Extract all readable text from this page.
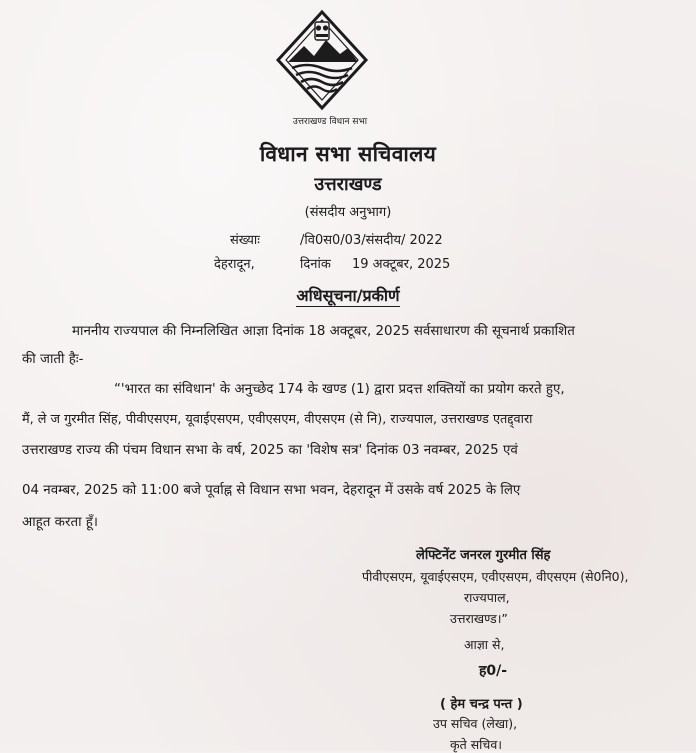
उत्तराखण्ड विधान सभा
विधान सभा सचिवालय
उत्तराखण्ड
(संसदीय अनुभाग)
संख्याः	/वि0स0/03/संसदीय/ 2022
देहरादून,	दिनांक 19 अक्टूबर, 2025
अधिसूचना/प्रकीर्ण
माननीय राज्यपाल की निम्नलिखित आज्ञा दिनांक 18 अक्टूबर, 2025 सर्वसाधारण की सूचनार्थ प्रकाशित
की जाती हैः-
“'भारत का संविधान' के अनुच्छेद 174 के खण्ड (1) द्वारा प्रदत्त शक्तियों का प्रयोग करते हुए,
मैं, ले ज गुरमीत सिंह, पीवीएसएम, यूवाईएसएम, एवीएसएम, वीएसएम (से नि), राज्यपाल, उत्तराखण्ड एतद्द्वारा
उत्तराखण्ड राज्य की पंचम विधान सभा के वर्ष, 2025 का 'विशेष सत्र' दिनांक 03 नवम्बर, 2025 एवं
04 नवम्बर, 2025 को 11:00 बजे पूर्वाह्न से विधान सभा भवन, देहरादून में उसके वर्ष 2025 के लिए
आहूत करता हूँ।
लेफ्टिनेंट जनरल गुरमीत सिंह
पीवीएसएम, यूवाईएसएम, एवीएसएम, वीएसएम (से0नि0),
राज्यपाल,
उत्तराखण्ड।”
आज्ञा से,
ह0/-
( हेम चन्द्र पन्त )
उप सचिव (लेखा),
कृते सचिव।
